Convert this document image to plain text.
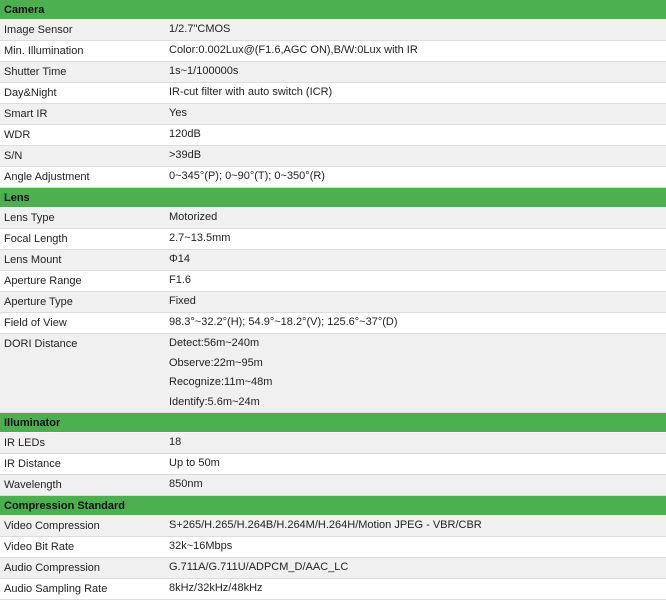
Camera
Image Sensor	1/2.7"CMOS
Min. Illumination	Color:0.002Lux@(F1.6,AGC ON),B/W:0Lux with IR
Shutter Time	1s~1/100000s
Day&Night	IR-cut filter with auto switch (ICR)
Smart IR	Yes
WDR	120dB
S/N	>39dB
Angle Adjustment	0~345°(P); 0~90°(T); 0~350°(R)
Lens
Lens Type	Motorized
Focal Length	2.7~13.5mm
Lens Mount	Φ14
Aperture Range	F1.6
Aperture Type	Fixed
Field of View	98.3°~32.2°(H); 54.9°~18.2°(V); 125.6°~37°(D)
DORI Distance	Detect:56m~240m
Observe:22m~95m
Recognize:11m~48m
Identify:5.6m~24m
Illuminator
IR LEDs	18
IR Distance	Up to 50m
Wavelength	850nm
Compression Standard
Video Compression	S+265/H.265/H.264B/H.264M/H.264H/Motion JPEG - VBR/CBR
Video Bit Rate	32k~16Mbps
Audio Compression	G.711A/G.711U/ADPCM_D/AAC_LC
Audio Sampling Rate	8kHz/32kHz/48kHz
